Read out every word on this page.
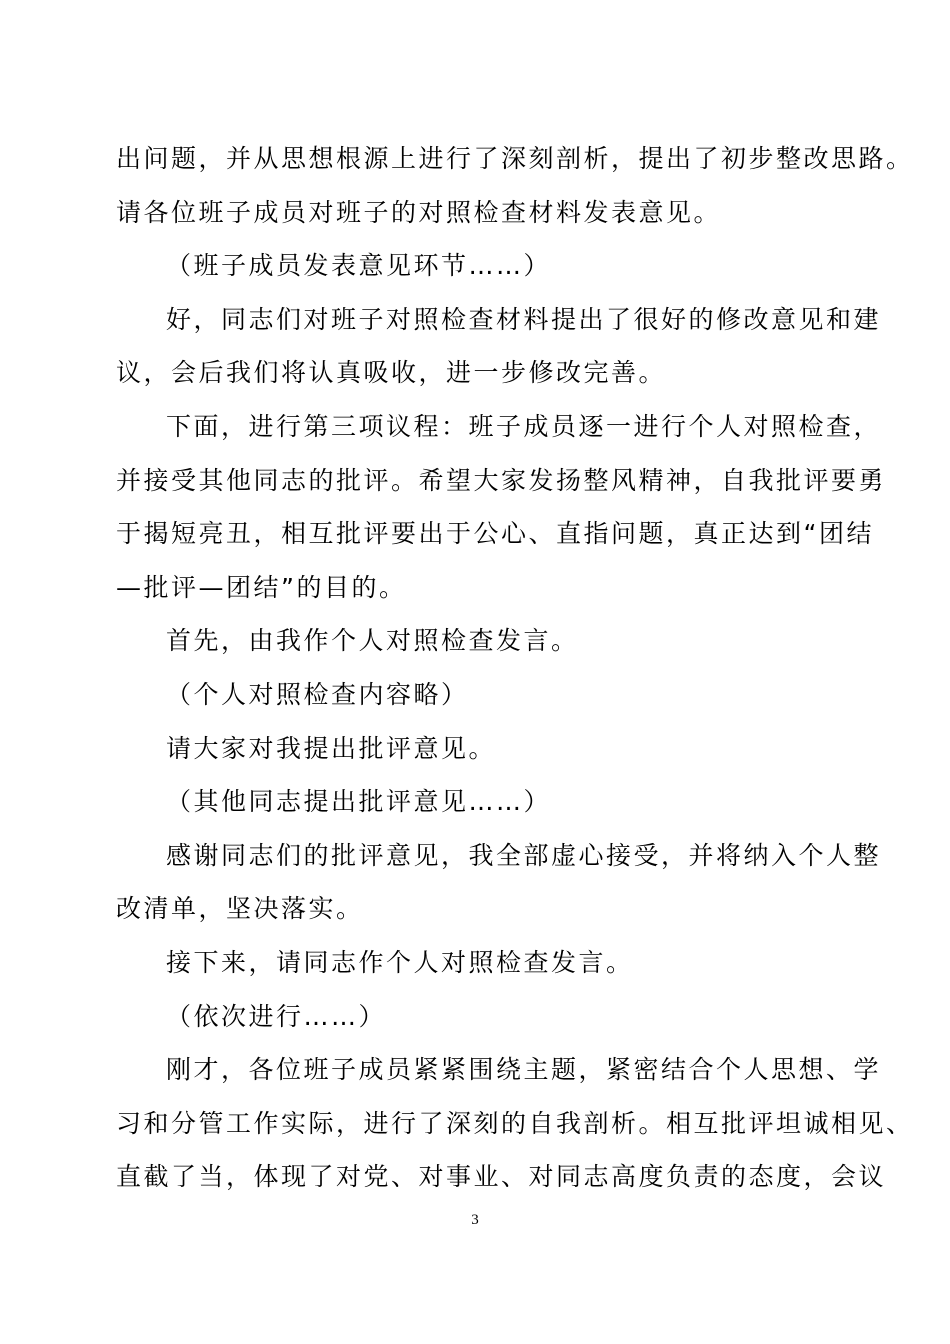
出问题，并从思想根源上进行了深刻剖析，提出了初步整改思路。
请各位班子成员对班子的对照检查材料发表意见。
（班子成员发表意见环节……）
好，同志们对班子对照检查材料提出了很好的修改意见和建
议，会后我们将认真吸收，进一步修改完善。
下面，进行第三项议程：班子成员逐一进行个人对照检查，
并接受其他同志的批评。希望大家发扬整风精神，自我批评要勇
于揭短亮丑，相互批评要出于公心、直指问题，真正达到“团结
—批评—团结”的目的。
首先，由我作个人对照检查发言。
（个人对照检查内容略）
请大家对我提出批评意见。
（其他同志提出批评意见……）
感谢同志们的批评意见，我全部虚心接受，并将纳入个人整
改清单，坚决落实。
接下来，请同志作个人对照检查发言。
（依次进行……）
刚才，各位班子成员紧紧围绕主题，紧密结合个人思想、学
习和分管工作实际，进行了深刻的自我剖析。相互批评坦诚相见、
直截了当，体现了对党、对事业、对同志高度负责的态度，会议
3
